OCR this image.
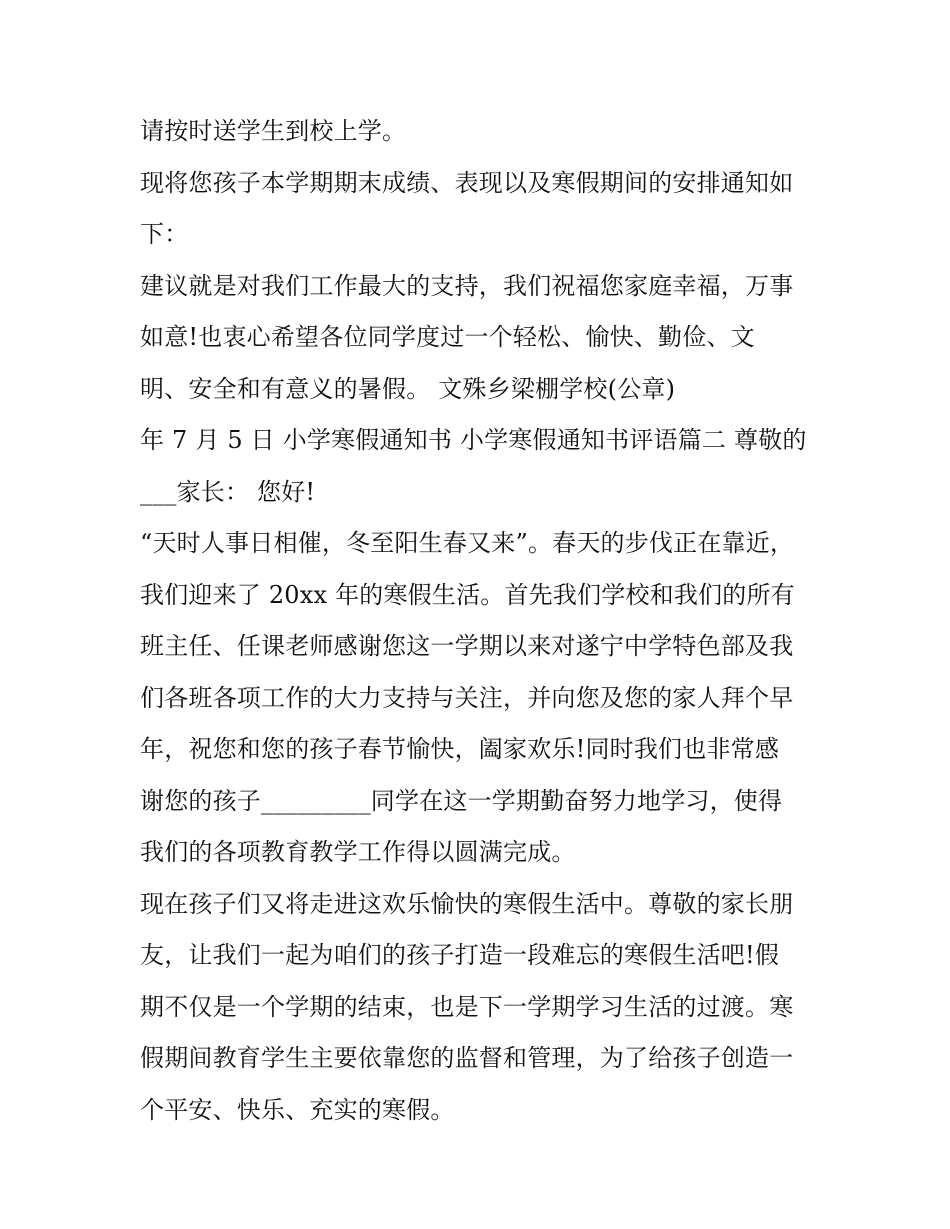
请按时送学生到校上学。
现将您孩子本学期期末成绩、表现以及寒假期间的安排通知如
下：
建议就是对我们工作最大的支持，我们祝福您家庭幸福，万事
如意!也衷心希望各位同学度过一个轻松、愉快、勤俭、文
明、安全和有意义的暑假。 文殊乡梁棚学校(公章)
年 7 月 5 日 小学寒假通知书 小学寒假通知书评语篇二 尊敬的
___家长： 您好!
“天时人事日相催，冬至阳生春又来”。春天的步伐正在靠近，
我们迎来了 20xx 年的寒假生活。首先我们学校和我们的所有
班主任、任课老师感谢您这一学期以来对遂宁中学特色部及我
们各班各项工作的大力支持与关注，并向您及您的家人拜个早
年，祝您和您的孩子春节愉快，阖家欢乐!同时我们也非常感
谢您的孩子_________同学在这一学期勤奋努力地学习，使得
我们的各项教育教学工作得以圆满完成。
现在孩子们又将走进这欢乐愉快的寒假生活中。尊敬的家长朋
友，让我们一起为咱们的孩子打造一段难忘的寒假生活吧!假
期不仅是一个学期的结束，也是下一学期学习生活的过渡。寒
假期间教育学生主要依靠您的监督和管理，为了给孩子创造一
个平安、快乐、充实的寒假。
